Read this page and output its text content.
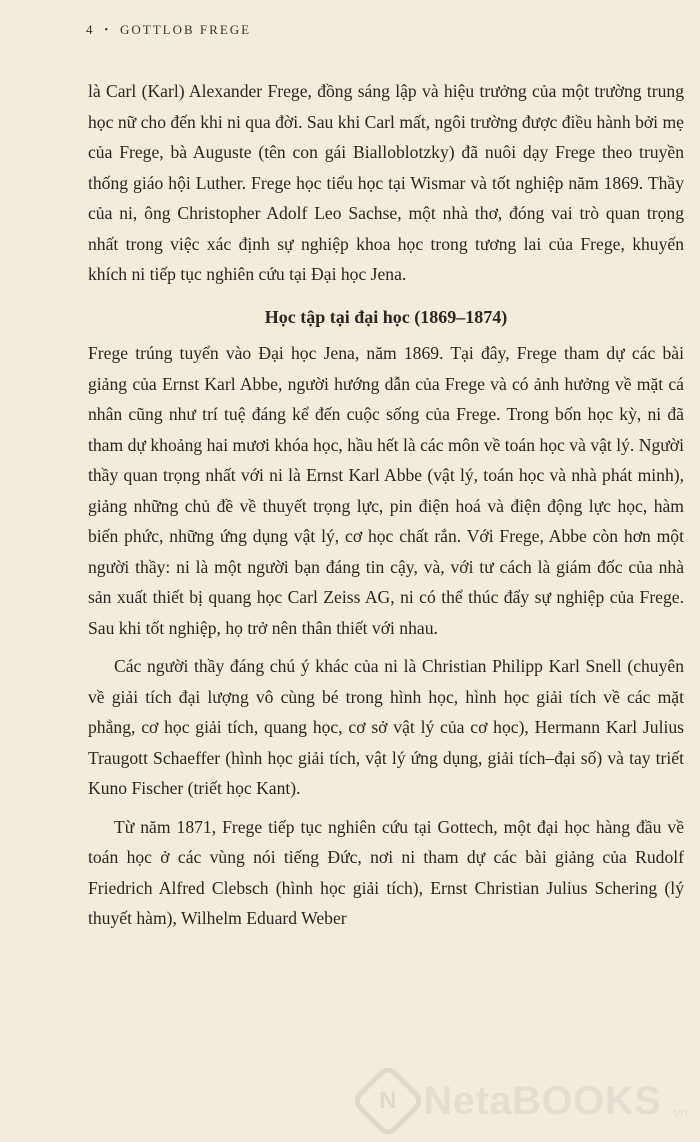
4 • GOTTLOB FREGE

là Carl (Karl) Alexander Frege, đồng sáng lập và hiệu trưởng của một trường trung học nữ cho đến khi ni qua đời. Sau khi Carl mất, ngôi trường được điều hành bởi mẹ của Frege, bà Auguste (tên con gái Bialloblotzky) đã nuôi dạy Frege theo truyền thống giáo hội Luther. Frege học tiểu học tại Wismar và tốt nghiệp năm 1869. Thầy của ni, ông Christopher Adolf Leo Sachse, một nhà thơ, đóng vai trò quan trọng nhất trong việc xác định sự nghiệp khoa học trong tương lai của Frege, khuyến khích ni tiếp tục nghiên cứu tại Đại học Jena.

Học tập tại đại học (1869–1874)

Frege trúng tuyển vào Đại học Jena, năm 1869. Tại đây, Frege tham dự các bài giảng của Ernst Karl Abbe, người hướng dẫn của Frege và có ảnh hưởng về mặt cá nhân cũng như trí tuệ đáng kể đến cuộc sống của Frege. Trong bốn học kỳ, ni đã tham dự khoảng hai mươi khóa học, hầu hết là các môn về toán học và vật lý. Người thầy quan trọng nhất với ni là Ernst Karl Abbe (vật lý, toán học và nhà phát minh), giảng những chủ đề về thuyết trọng lực, pin điện hoá và điện động lực học, hàm biến phức, những ứng dụng vật lý, cơ học chất rắn. Với Frege, Abbe còn hơn một người thầy: ni là một người bạn đáng tin cậy, và, với tư cách là giám đốc của nhà sản xuất thiết bị quang học Carl Zeiss AG, ni có thể thúc đẩy sự nghiệp của Frege. Sau khi tốt nghiệp, họ trở nên thân thiết với nhau.

Các người thầy đáng chú ý khác của ni là Christian Philipp Karl Snell (chuyên về giải tích đại lượng vô cùng bé trong hình học, hình học giải tích về các mặt phẳng, cơ học giải tích, quang học, cơ sở vật lý của cơ học), Hermann Karl Julius Traugott Schaeffer (hình học giải tích, vật lý ứng dụng, giải tích–đại số) và tay triết Kuno Fischer (triết học Kant).

Từ năm 1871, Frege tiếp tục nghiên cứu tại Gottech, một đại học hàng đầu về toán học ở các vùng nói tiếng Đức, nơi ni tham dự các bài giảng của Rudolf Friedrich Alfred Clebsch (hình học giải tích), Ernst Christian Julius Schering (lý thuyết hàm), Wilhelm Eduard Weber

N NetaBOOKS .vn
